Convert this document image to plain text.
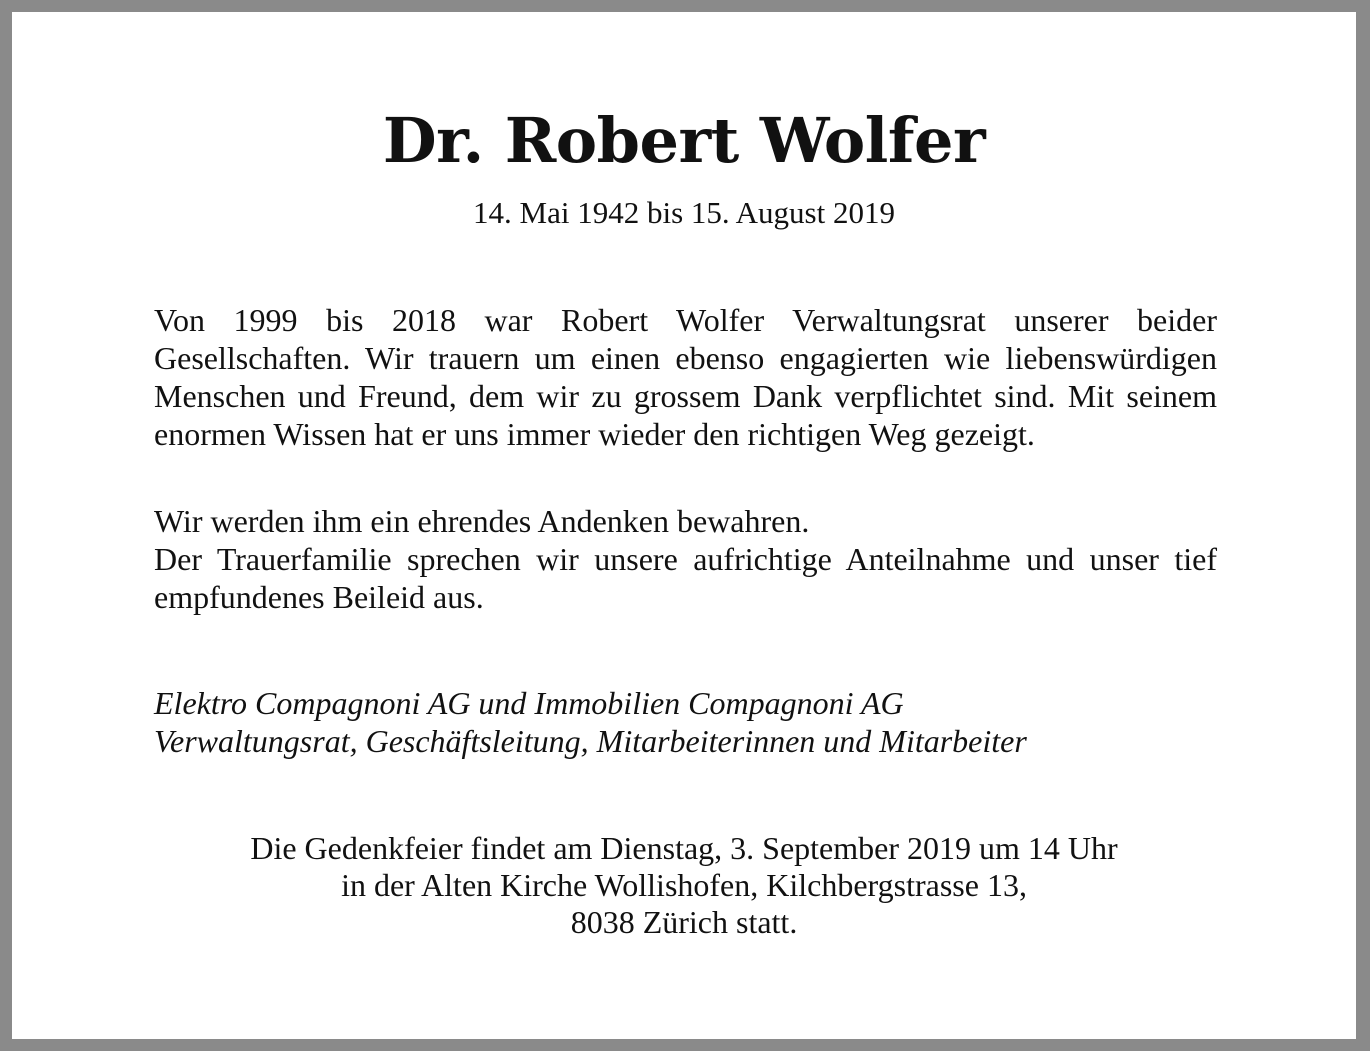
Dr. Robert Wolfer
14. Mai 1942 bis 15. August 2019

Von 1999 bis 2018 war Robert Wolfer Verwaltungsrat unserer beider Gesellschaften. Wir trauern um einen ebenso engagierten wie liebenswürdigen Menschen und Freund, dem wir zu grossem Dank verpflichtet sind. Mit seinem enormen Wissen hat er uns immer wieder den richtigen Weg gezeigt.

Wir werden ihm ein ehrendes Andenken bewahren.
Der Trauerfamilie sprechen wir unsere aufrichtige Anteilnahme und unser tief empfundenes Beileid aus.

Elektro Compagnoni AG und Immobilien Compagnoni AG
Verwaltungsrat, Geschäftsleitung, Mitarbeiterinnen und Mitarbeiter
Die Gedenkfeier findet am Dienstag, 3. September 2019 um 14 Uhr
in der Alten Kirche Wollishofen, Kilchbergstrasse 13,
8038 Zürich statt.
